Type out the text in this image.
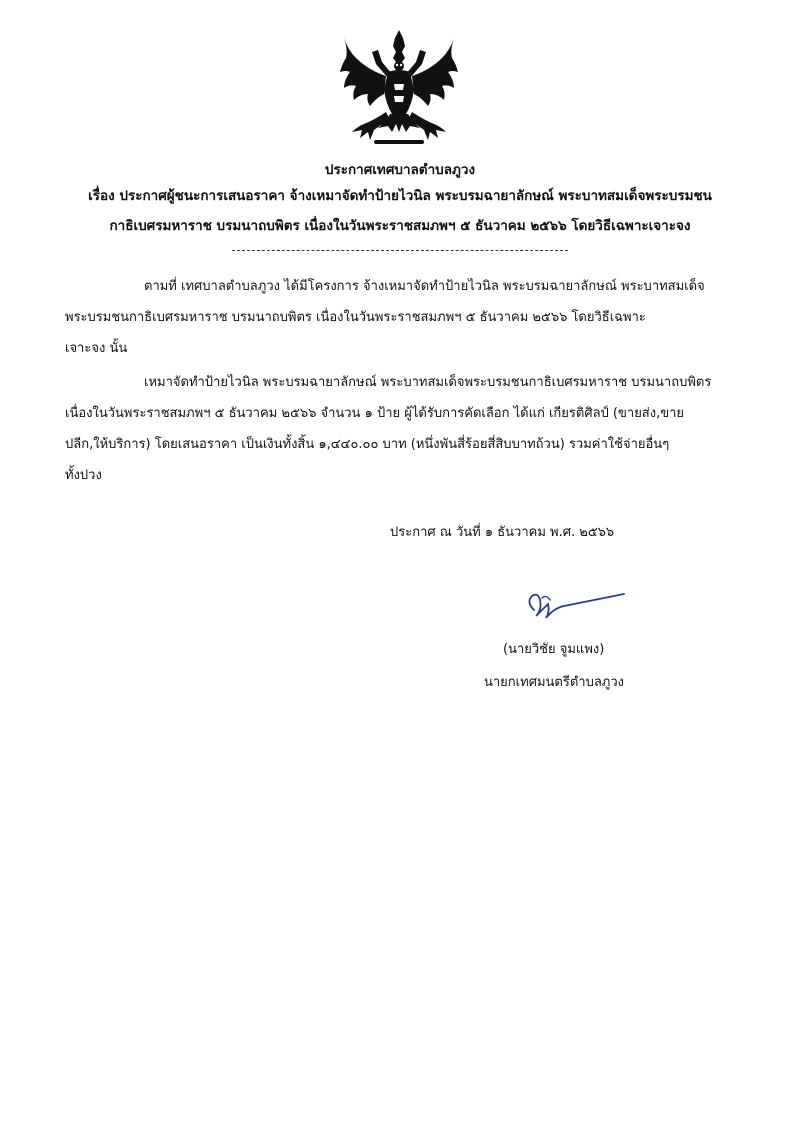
ประกาศเทศบาลตำบลภูวง
เรื่อง ประกาศผู้ชนะการเสนอราคา จ้างเหมาจัดทำป้ายไวนิล พระบรมฉายาลักษณ์ พระบาทสมเด็จพระบรมชน
กาธิเบศรมหาราช บรมนาถบพิตร เนื่องในวันพระราชสมภพฯ ๕ ธันวาคม ๒๕๖๖ โดยวิธีเฉพาะเจาะจง
ตามที่ เทศบาลตำบลภูวง ได้มีโครงการ จ้างเหมาจัดทำป้ายไวนิล พระบรมฉายาลักษณ์ พระบาทสมเด็จ
พระบรมชนกาธิเบศรมหาราช บรมนาถบพิตร เนื่องในวันพระราชสมภพฯ ๕ ธันวาคม ๒๕๖๖ โดยวิธีเฉพาะ
เจาะจง นั้น
เหมาจัดทำป้ายไวนิล พระบรมฉายาลักษณ์ พระบาทสมเด็จพระบรมชนกาธิเบศรมหาราช บรมนาถบพิตร
เนื่องในวันพระราชสมภพฯ ๕ ธันวาคม ๒๕๖๖ จำนวน ๑ ป้าย ผู้ได้รับการคัดเลือก ได้แก่ เกียรติศิลป์ (ขายส่ง,ขาย
ปลีก,ให้บริการ) โดยเสนอราคา เป็นเงินทั้งสิ้น ๑,๔๔๐.๐๐ บาท (หนึ่งพันสี่ร้อยสี่สิบบาทถ้วน) รวมค่าใช้จ่ายอื่นๆ
ทั้งปวง
ประกาศ ณ วันที่ ๑ ธันวาคม พ.ศ. ๒๕๖๖
(นายวิชัย จูมแพง)
นายกเทศมนตรีตำบลภูวง
